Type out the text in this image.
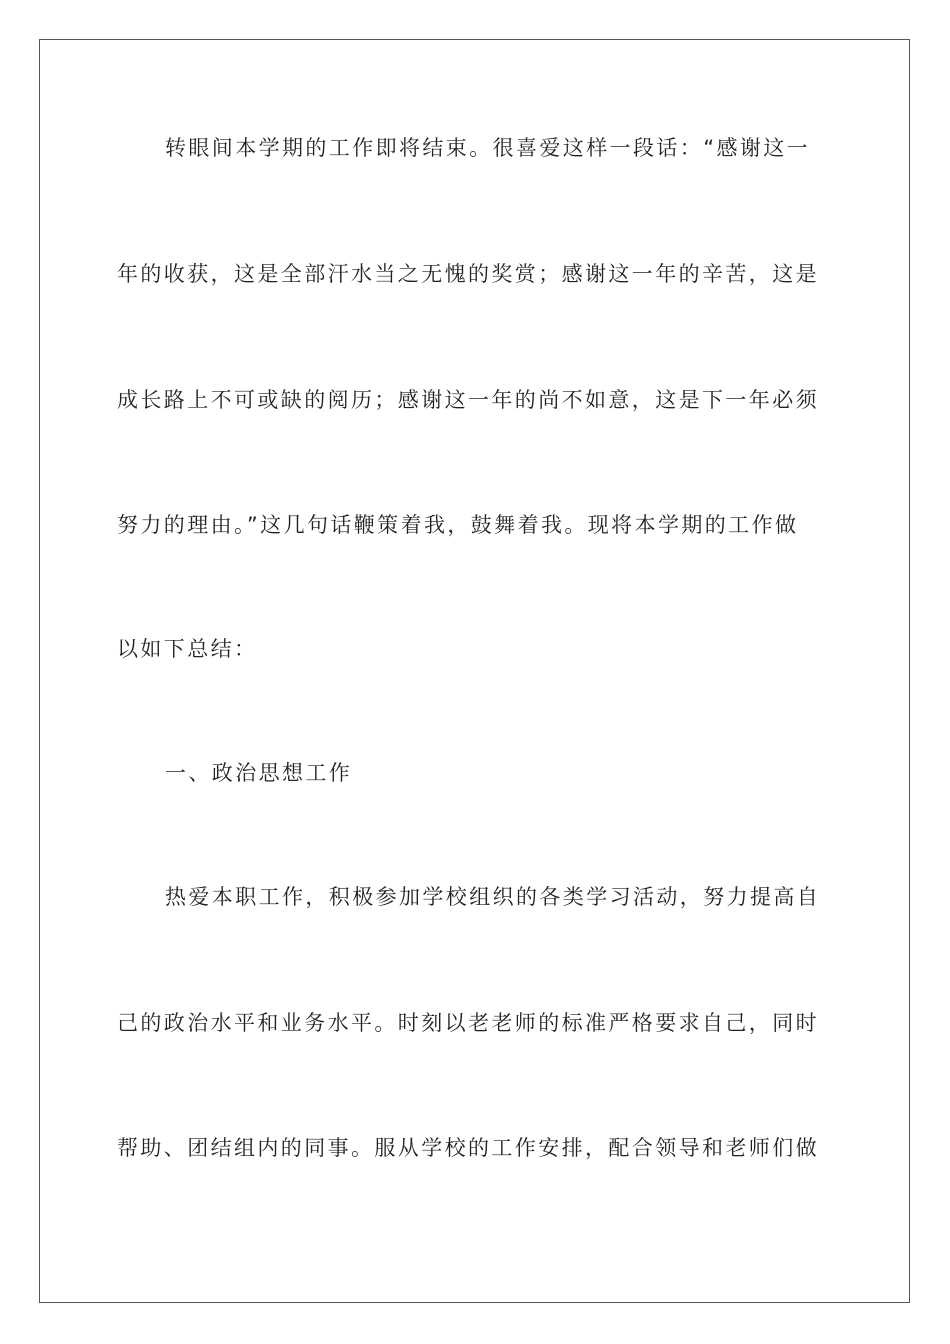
转眼间本学期的工作即将结束。很喜爱这样一段话：“感谢这一
年的收获，这是全部汗水当之无愧的奖赏；感谢这一年的辛苦，这是
成长路上不可或缺的阅历；感谢这一年的尚不如意，这是下一年必须
努力的理由。”这几句话鞭策着我，鼓舞着我。现将本学期的工作做
以如下总结：
一、政治思想工作
热爱本职工作，积极参加学校组织的各类学习活动，努力提高自
己的政治水平和业务水平。时刻以老老师的标准严格要求自己，同时
帮助、团结组内的同事。服从学校的工作安排，配合领导和老师们做
